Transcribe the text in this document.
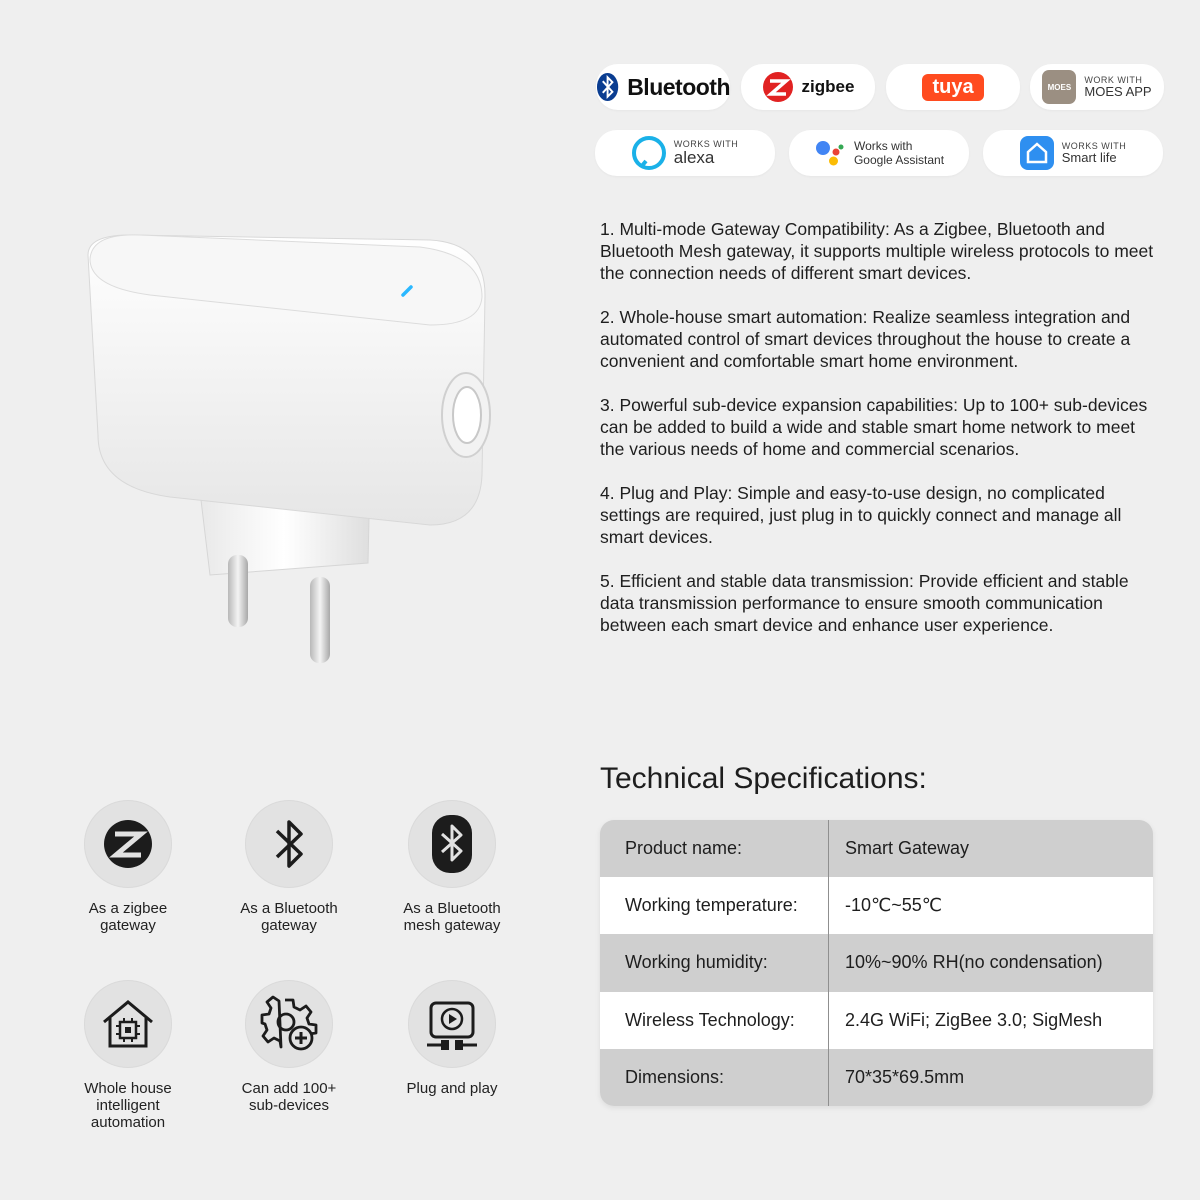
Bluetooth	zigbee	tuya	MOES
WORK WITH
MOES APP
WORKS WITH
alexa
Works with
Google Assistant
WORKS WITH
Smart life

1. Multi-mode Gateway Compatibility: As a Zigbee, Bluetooth and Bluetooth Mesh gateway, it supports multiple wireless protocols to meet the connection needs of different smart devices.

2. Whole-house smart automation: Realize seamless integration and automated control of smart devices throughout the house to create a convenient and comfortable smart home environment.

3. Powerful sub-device expansion capabilities: Up to 100+ sub-devices can be added to build a wide and stable smart home network to meet the various needs of home and commercial scenarios.

4. Plug and Play: Simple and easy-to-use design, no complicated settings are required, just plug in to quickly connect and manage all smart devices.

5. Efficient and stable data transmission: Provide efficient and stable data transmission performance to ensure smooth communication between each smart device and enhance user experience.

Technical Specifications:
Product name:	Smart Gateway
Working temperature:	-10℃~55℃
Working humidity:	10%~90% RH(no condensation)
Wireless Technology:	2.4G WiFi; ZigBee 3.0; SigMesh
Dimensions:	70*35*69.5mm
As a zigbee
gateway
As a Bluetooth
gateway
As a Bluetooth
mesh gateway
Whole house
intelligent
automation
Can add 100+
sub-devices
Plug and play
